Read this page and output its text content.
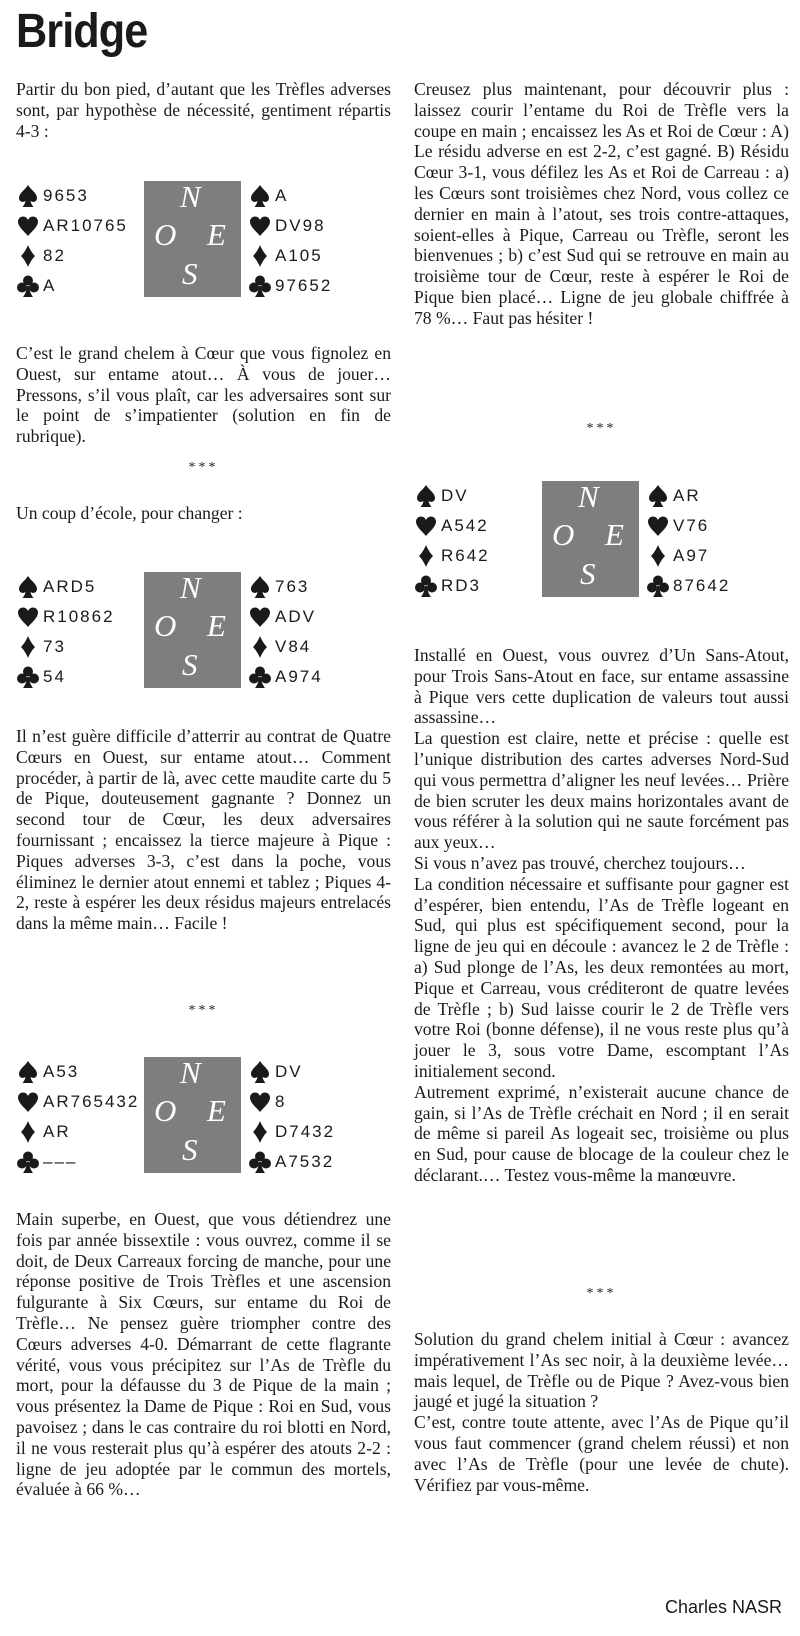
Bridge

Partir du bon pied, d’autant que les Trèfles adverses sont, par hypothèse de nécessité, gentiment répartis 4-3 :

9653
AR10765
82
A
N
O E
S
A
DV98
A105
97652

C’est le grand chelem à Cœur que vous fignolez en Ouest, sur entame atout… À vous de jouer… Pressons, s’il vous plaît, car les adversaires sont sur le point de s’impatienter (solution en fin de rubrique).

***

Un coup d’école, pour changer :

ARD5
R10862
73
54
N
O E
S
763
ADV
V84
A974

Il n’est guère difficile d’atterrir au contrat de Quatre Cœurs en Ouest, sur entame atout… Comment procéder, à partir de là, avec cette maudite carte du 5 de Pique, douteusement gagnante ? Donnez un second tour de Cœur, les deux adversaires fournissant ; encaissez la tierce majeure à Pique : Piques adverses 3-3, c’est dans la poche, vous éliminez le dernier atout ennemi et tablez ; Piques 4-2, reste à espérer les deux résidus majeurs entrelacés dans la même main… Facile !

***
A53
AR765432
AR
–––
N
O E
S
DV
8
D7432
A7532

Main superbe, en Ouest, que vous détiendrez une fois par année bissextile : vous ouvrez, comme il se doit, de Deux Carreaux forcing de manche, pour une réponse positive de Trois Trèfles et une ascension fulgurante à Six Cœurs, sur entame du Roi de Trèfle… Ne pensez guère triompher contre des Cœurs adverses 4-0. Démarrant de cette flagrante vérité, vous vous précipitez sur l’As de Trèfle du mort, pour la défausse du 3 de Pique de la main ; vous présentez la Dame de Pique : Roi en Sud, vous pavoisez ; dans le cas contraire du roi blotti en Nord, il ne vous resterait plus qu’à espérer des atouts 2-2 : ligne de jeu adoptée par le commun des mortels, évaluée à 66 %…

Creusez plus maintenant, pour découvrir plus : laissez courir l’entame du Roi de Trèfle vers la coupe en main ; encaissez les As et Roi de Cœur : A) Le résidu adverse en est 2-2, c’est gagné. B) Résidu Cœur 3-1, vous défilez les As et Roi de Carreau : a) les Cœurs sont troisièmes chez Nord, vous collez ce dernier en main à l’atout, ses trois contre-attaques, soient-elles à Pique, Carreau ou Trèfle, seront les bienvenues ; b) c’est Sud qui se retrouve en main au troisième tour de Cœur, reste à espérer le Roi de Pique bien placé… Ligne de jeu globale chiffrée à 78 %… Faut pas hésiter !

***
DV
A542
R642
RD3
N
O E
S
AR
V76
A97
87642

Installé en Ouest, vous ouvrez d’Un Sans-Atout, pour Trois Sans-Atout en face, sur entame assassine à Pique vers cette duplication de valeurs tout aussi assassine…
La question est claire, nette et précise : quelle est l’unique distribution des cartes adverses Nord-Sud qui vous permettra d’aligner les neuf levées… Prière de bien scruter les deux mains horizontales avant de vous référer à la solution qui ne saute forcément pas aux yeux…
Si vous n’avez pas trouvé, cherchez toujours…
La condition nécessaire et suffisante pour gagner est d’espérer, bien entendu, l’As de Trèfle logeant en Sud, qui plus est spécifiquement second, pour la ligne de jeu qui en découle : avancez le 2 de Trèfle : a) Sud plonge de l’As, les deux remontées au mort, Pique et Carreau, vous créditeront de quatre levées de Trèfle ; b) Sud laisse courir le 2 de Trèfle vers votre Roi (bonne défense), il ne vous reste plus qu’à jouer le 3, sous votre Dame, escomptant l’As initialement second.
Autrement exprimé, n’existerait aucune chance de gain, si l’As de Trèfle créchait en Nord ; il en serait de même si pareil As logeait sec, troisième ou plus en Sud, pour cause de blocage de la couleur chez le déclarant.… Testez vous-même la manœuvre.

***

Solution du grand chelem initial à Cœur : avancez impérativement l’As sec noir, à la deuxième levée… mais lequel, de Trèfle ou de Pique ? Avez-vous bien jaugé et jugé la situation ?
C’est, contre toute attente, avec l’As de Pique qu’il vous faut commencer (grand chelem réussi) et non avec l’As de Trèfle (pour une levée de chute). Vérifiez par vous-même.

Charles NASR
